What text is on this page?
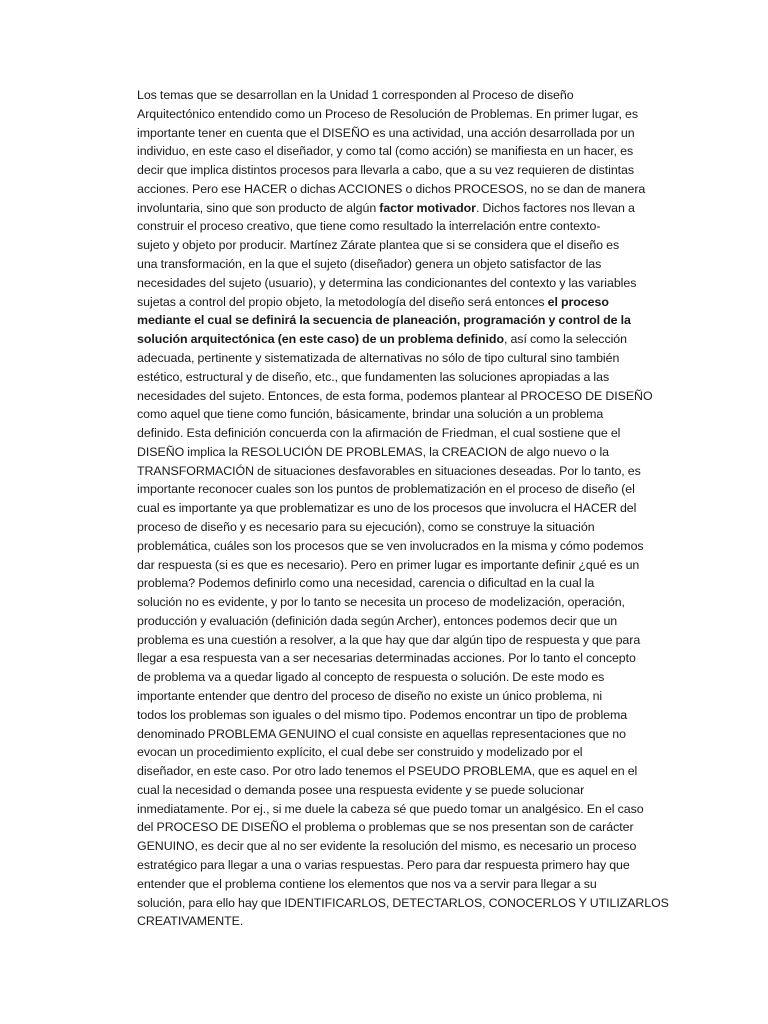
Los temas que se desarrollan en la Unidad 1 corresponden al Proceso de diseño
Arquitectónico entendido como un Proceso de Resolución de Problemas. En primer lugar, es
importante tener en cuenta que el DISEÑO es una actividad, una acción desarrollada por un
individuo, en este caso el diseñador, y como tal (como acción) se manifiesta en un hacer, es
decir que implica distintos procesos para llevarla a cabo, que a su vez requieren de distintas
acciones. Pero ese HACER o dichas ACCIONES o dichos PROCESOS, no se dan de manera
involuntaria, sino que son producto de algún factor motivador. Dichos factores nos llevan a
construir el proceso creativo, que tiene como resultado la interrelación entre contexto-
sujeto y objeto por producir. Martínez Zárate plantea que si se considera que el diseño es
una transformación, en la que el sujeto (diseñador) genera un objeto satisfactor de las
necesidades del sujeto (usuario), y determina las condicionantes del contexto y las variables
sujetas a control del propio objeto, la metodología del diseño será entonces el proceso
mediante el cual se definirá la secuencia de planeación, programación y control de la
solución arquitectónica (en este caso) de un problema definido, así como la selección
adecuada, pertinente y sistematizada de alternativas no sólo de tipo cultural sino también
estético, estructural y de diseño, etc., que fundamenten las soluciones apropiadas a las
necesidades del sujeto. Entonces, de esta forma, podemos plantear al PROCESO DE DISEÑO
como aquel que tiene como función, básicamente, brindar una solución a un problema
definido. Esta definición concuerda con la afirmación de Friedman, el cual sostiene que el
DISEÑO implica la RESOLUCIÓN DE PROBLEMAS, la CREACION de algo nuevo o la
TRANSFORMACIÓN de situaciones desfavorables en situaciones deseadas. Por lo tanto, es
importante reconocer cuales son los puntos de problematización en el proceso de diseño (el
cual es importante ya que problematizar es uno de los procesos que involucra el HACER del
proceso de diseño y es necesario para su ejecución), como se construye la situación
problemática, cuáles son los procesos que se ven involucrados en la misma y cómo podemos
dar respuesta (si es que es necesario). Pero en primer lugar es importante definir ¿qué es un
problema? Podemos definirlo como una necesidad, carencia o dificultad en la cual la
solución no es evidente, y por lo tanto se necesita un proceso de modelización, operación,
producción y evaluación (definición dada según Archer), entonces podemos decir que un
problema es una cuestión a resolver, a la que hay que dar algún tipo de respuesta y que para
llegar a esa respuesta van a ser necesarias determinadas acciones. Por lo tanto el concepto
de problema va a quedar ligado al concepto de respuesta o solución. De este modo es
importante entender que dentro del proceso de diseño no existe un único problema, ni
todos los problemas son iguales o del mismo tipo. Podemos encontrar un tipo de problema
denominado PROBLEMA GENUINO el cual consiste en aquellas representaciones que no
evocan un procedimiento explícito, el cual debe ser construido y modelizado por el
diseñador, en este caso. Por otro lado tenemos el PSEUDO PROBLEMA, que es aquel en el
cual la necesidad o demanda posee una respuesta evidente y se puede solucionar
inmediatamente. Por ej., si me duele la cabeza sé que puedo tomar un analgésico. En el caso
del PROCESO DE DISEÑO el problema o problemas que se nos presentan son de carácter
GENUINO, es decir que al no ser evidente la resolución del mismo, es necesario un proceso
estratégico para llegar a una o varias respuestas. Pero para dar respuesta primero hay que
entender que el problema contiene los elementos que nos va a servir para llegar a su
solución, para ello hay que IDENTIFICARLOS, DETECTARLOS, CONOCERLOS Y UTILIZARLOS
CREATIVAMENTE.
